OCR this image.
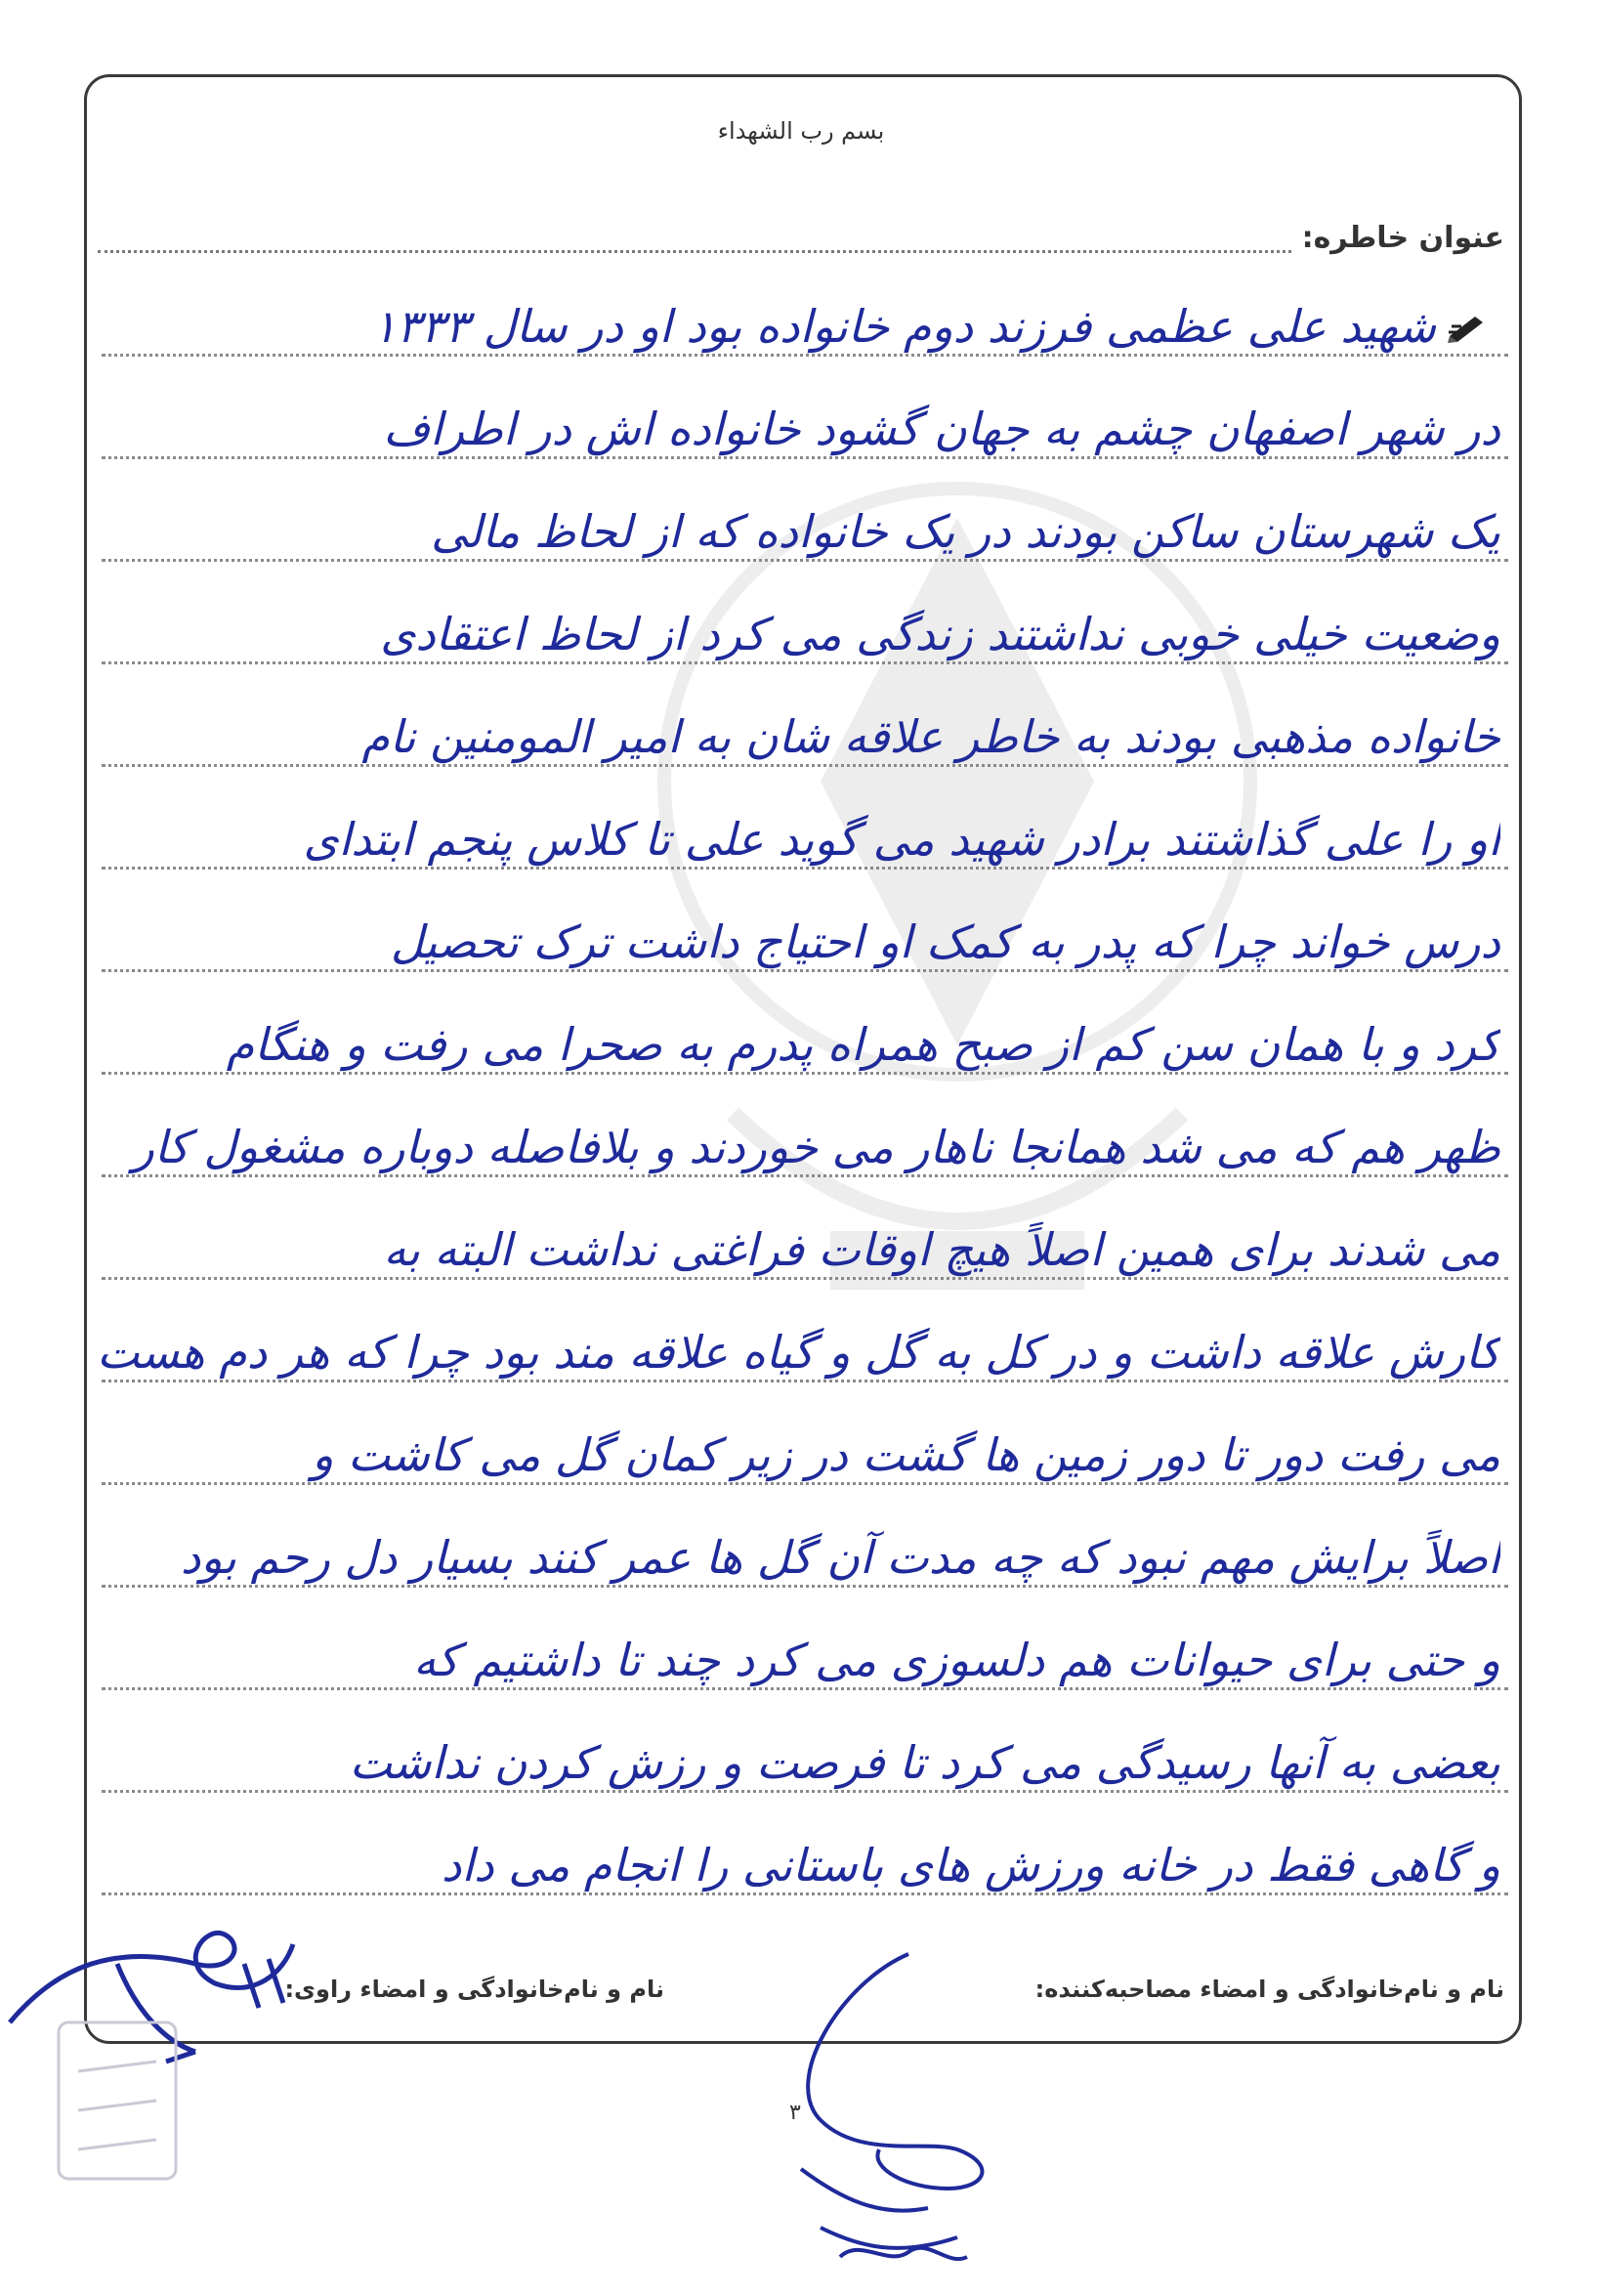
بسم رب الشهداء
عنوان خاطره:
شهید علی عظمی فرزند دوم خانواده بود او در سال ۱۳۳۳
در شهر اصفهان چشم به جهان گشود خانواده اش در اطراف
یک شهرستان ساکن بودند در یک خانواده که از لحاظ مالی
وضعیت خیلی خوبی نداشتند زندگی می کرد از لحاظ اعتقادی
خانواده مذهبی بودند به خاطر علاقه شان به امیر المومنین نام
او را علی گذاشتند برادر شهید می گوید علی تا کلاس پنجم ابتدای
درس خواند چرا که پدر به کمک او احتیاج داشت ترک تحصیل
کرد و با همان سن کم از صبح همراه پدرم به صحرا می رفت و هنگام
ظهر هم که می شد همانجا ناهار می خوردند و بلافاصله دوباره مشغول کار
می شدند برای همین اصلاً هیچ اوقات فراغتی نداشت البته به
کارش علاقه داشت و در کل به گل و گیاه علاقه مند بود چرا که هر دم هست
می رفت دور تا دور زمین ها گشت در زیر کمان گل می کاشت و
اصلاً برایش مهم نبود که چه مدت آن گل ها عمر کنند بسیار دل رحم بود
و حتی برای حیوانات هم دلسوزی می کرد چند تا داشتیم که
بعضی به آنها رسیدگی می کرد تا فرصت و رزش کردن نداشت
و گاهی فقط در خانه ورزش های باستانی را انجام می داد
نام و نام‌خانوادگی و امضاء مصاحبه‌کننده:
نام و نام‌خانوادگی و امضاء راوی:
۳
